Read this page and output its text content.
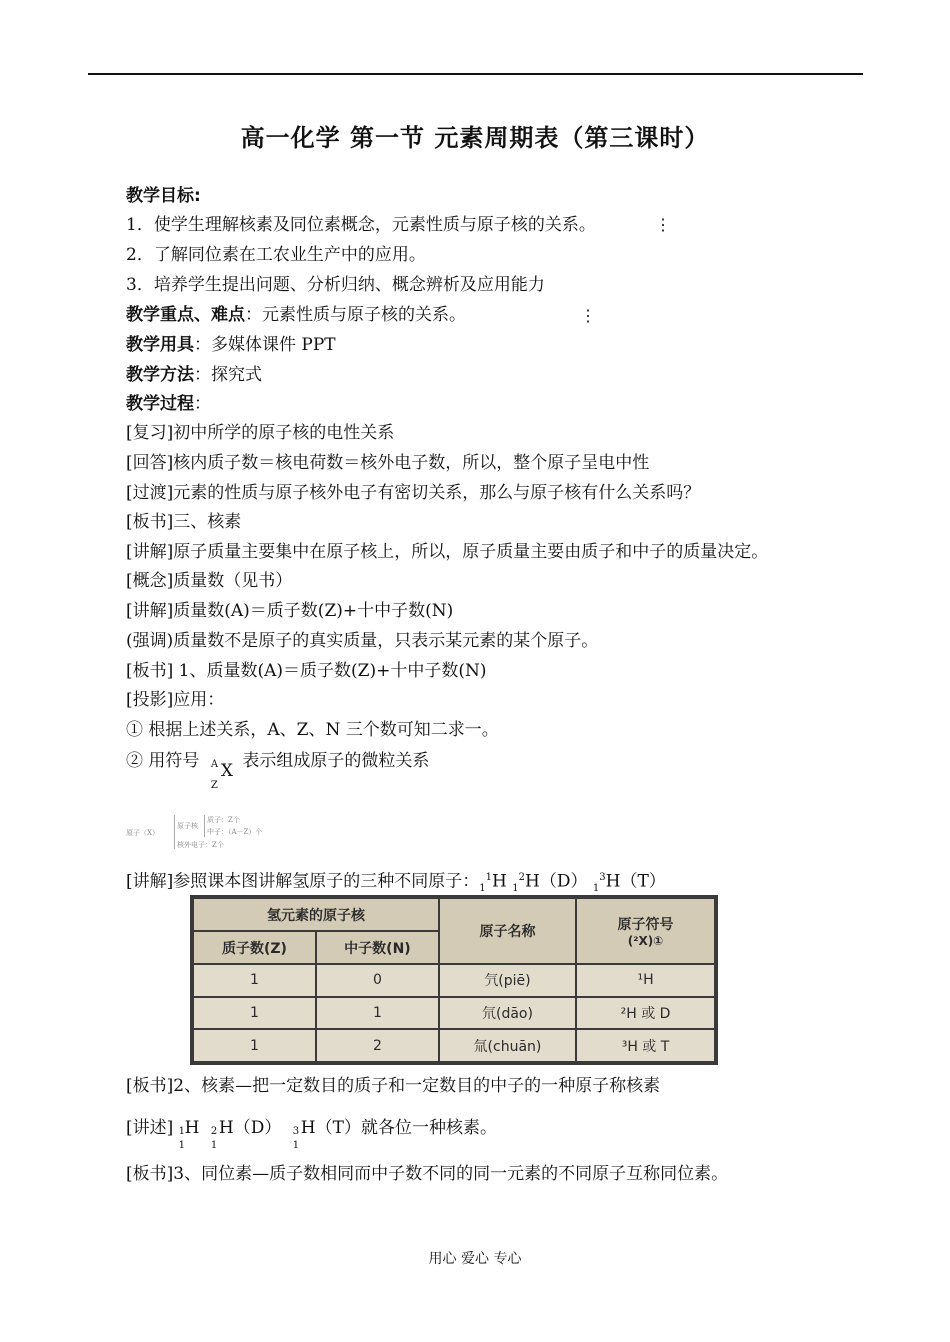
高一化学 第一节 元素周期表（第三课时）
教学目标:
1．使学生理解核素及同位素概念，元素性质与原子核的关系。	⋮
2．了解同位素在工农业生产中的应用。
3．培养学生提出问题、分析归纳、概念辨析及应用能力
教学重点、难点：元素性质与原子核的关系。	⋮
教学用具：多媒体课件 PPT
教学方法：探究式
教学过程：
[复习]初中所学的原子核的电性关系
[回答]核内质子数＝核电荷数＝核外电子数，所以，整个原子呈电中性
[过渡]元素的性质与原子核外电子有密切关系，那么与原子核有什么关系吗？
[板书]三、核素
[讲解]原子质量主要集中在原子核上，所以，原子质量主要由质子和中子的质量决定。
[概念]质量数（见书）
[讲解]质量数(A)＝质子数(Z)+十中子数(N)
(强调)质量数不是原子的真实质量，只表示某元素的某个原子。
[板书] 1、质量数(A)＝质子数(Z)+十中子数(N)
[投影]应用：
① 根据上述关系，A、Z、N 三个数可知二求一。
② 用符号 A
Z
X 表示组成原子的微粒关系
原子（X）
原子核
质子：Z个
中子：（A－Z）个
核外电子：Z个
[讲解]参照课本图讲解氢原子的三种不同原子：$_1^1$H $_1^2$H（D） $_1^3$H（T）
氢元素的原子核		原子名称	原子符号
(²X)①

质子数(Z)	中子数(N)		
1	0	氕(piē)	¹H
1	1	氘(dāo)	²H 或 D
1	2	氚(chuān)	³H 或 T
[板书]2、核素—把一定数目的质子和一定数目的中子的一种原子称核素
[讲述] 1
1
H 2
1
H（D） 3
1
H（T）就各位一种核素。
[板书]3、同位素—质子数相同而中子数不同的同一元素的不同原子互称同位素。
用心 爱心 专心
